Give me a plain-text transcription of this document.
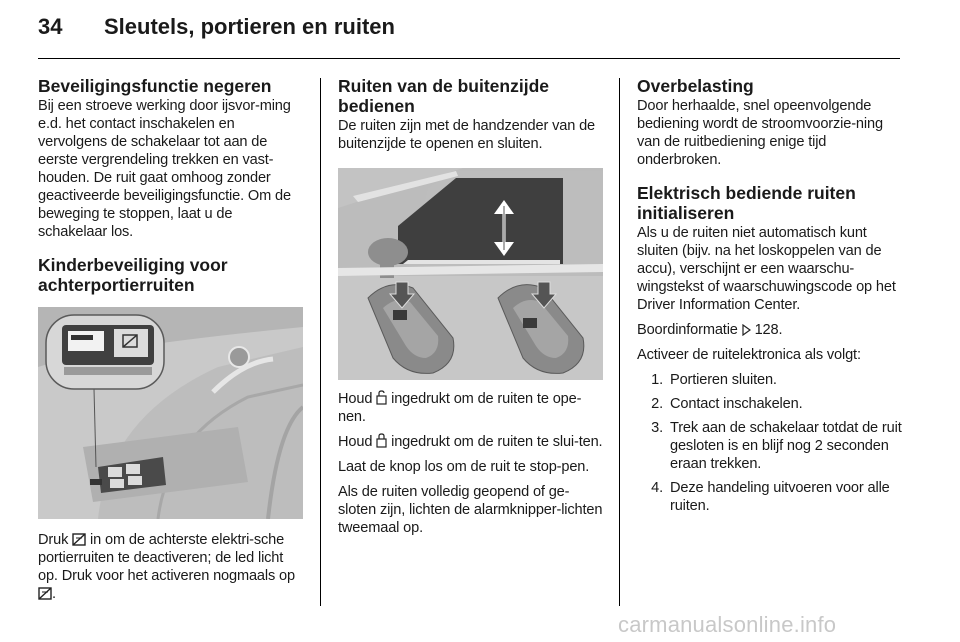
34	Sleutels, portieren en ruiten
Beveiligingsfunctie negeren

Bij een stroeve werking door ijsvor-ming e.d. het contact inschakelen en vervolgens de schakelaar tot aan de eerste vergrendeling trekken en vast-houden. De ruit gaat omhoog zonder geactiveerde beveiligingsfunctie. Om de beweging te stoppen, laat u de schakelaar los.

Kinderbeveiliging voor
achterportierruiten

Druk in om de achterste elektri-sche portierruiten te deactiveren; de led licht op. Druk voor het activeren nogmaals op .

Ruiten van de buitenzijde
bedienen

De ruiten zijn met de handzender van de buitenzijde te openen en sluiten.

Houd ingedrukt om de ruiten te ope-nen.

Houd ingedrukt om de ruiten te slui-ten.

Laat de knop los om de ruit te stop-pen.

Als de ruiten volledig geopend of ge-sloten zijn, lichten de alarmknipper-lichten tweemaal op.

Overbelasting

Door herhaalde, snel opeenvolgende bediening wordt de stroomvoorzie-ning van de ruitbediening enige tijd onderbroken.

Elektrisch bediende ruiten
initialiseren

Als u de ruiten niet automatisch kunt sluiten (bijv. na het loskoppelen van de accu), verschijnt er een waarschu-wingstekst of waarschuwingscode op het Driver Information Center.

Boordinformatie 128.

Activeer de ruitelektronica als volgt:

1. Portieren sluiten.
2. Contact inschakelen.
3. Trek aan de schakelaar totdat de ruit gesloten is en blijf nog 2 seconden eraan trekken.
4. Deze handeling uitvoeren voor alle ruiten.
carmanualsonline.info
